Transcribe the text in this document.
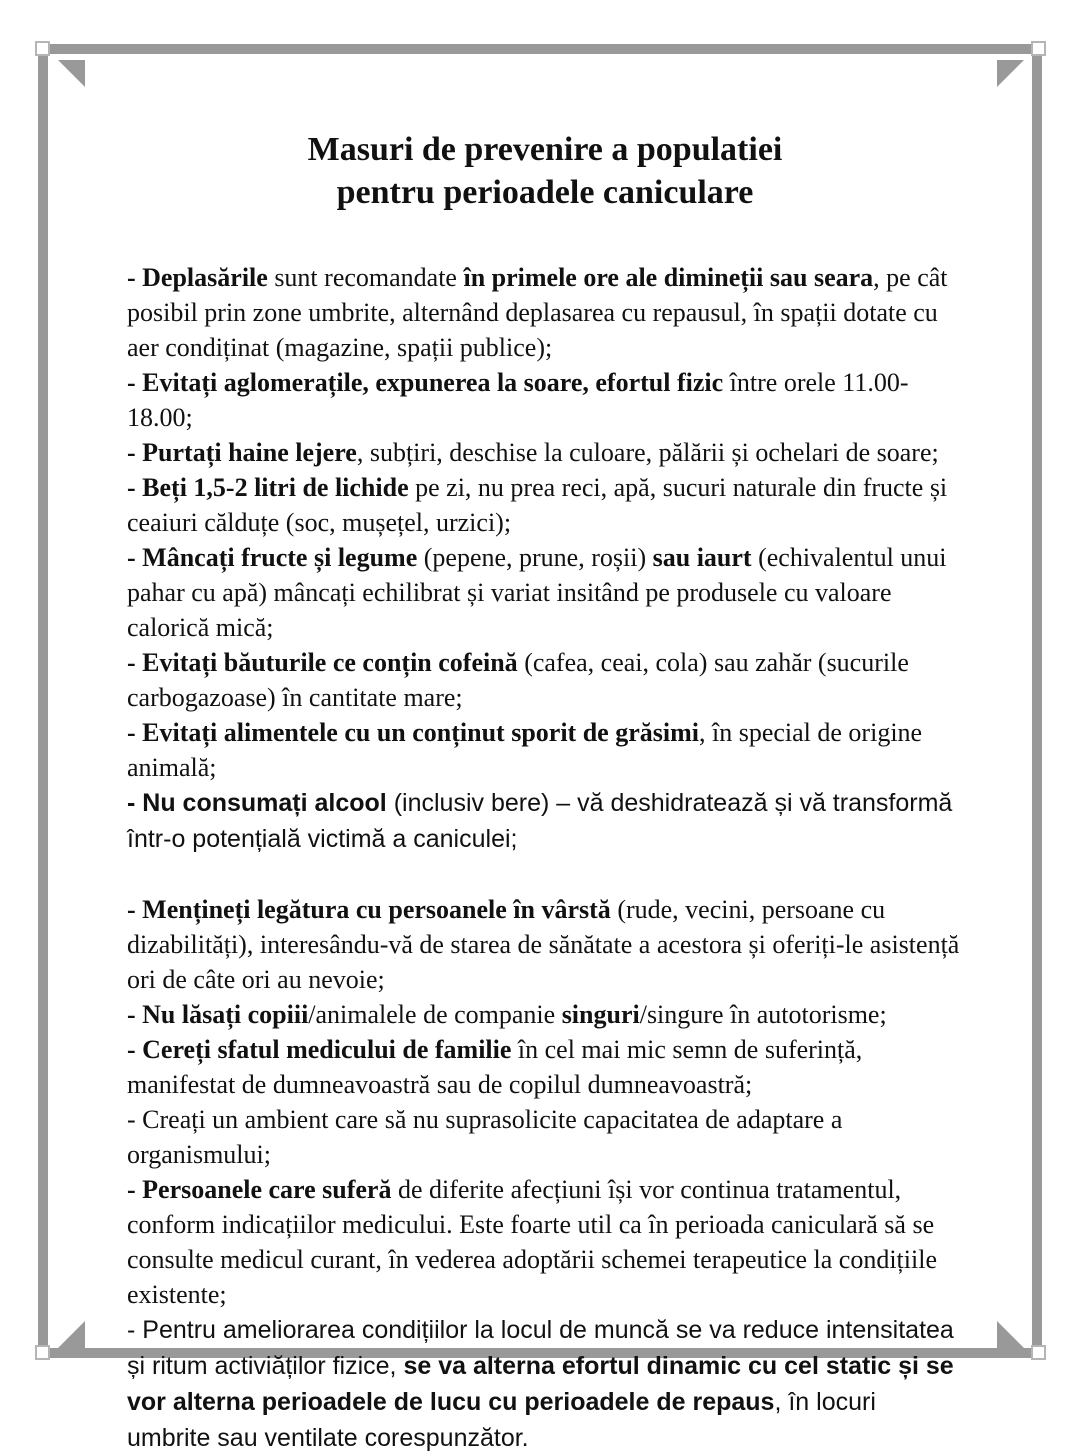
Masuri de prevenire a populatiei
pentru perioadele caniculare

- Deplasările sunt recomandate în primele ore ale dimineții sau seara, pe cât posibil prin zone umbrite, alternând deplasarea cu repausul, în spații dotate cu aer condiținat (magazine, spații publice);

- Evitați aglomerațile, expunerea la soare, efortul fizic între orele 11.00-18.00;

- Purtați haine lejere, subțiri, deschise la culoare, pălării și ochelari de soare;

- Beți 1,5-2 litri de lichide pe zi, nu prea reci, apă, sucuri naturale din fructe și ceaiuri călduțe (soc, mușețel, urzici);

- Mâncați fructe și legume (pepene, prune, roșii) sau iaurt (echivalentul unui pahar cu apă) mâncați echilibrat și variat insitând pe produsele cu valoare calorică mică;

- Evitați băuturile ce conțin cofeină (cafea, ceai, cola) sau zahăr (sucurile carbogazoase) în cantitate mare;

- Evitați alimentele cu un conținut sporit de grăsimi, în special de origine animală;

- Nu consumați alcool (inclusiv bere) – vă deshidratează și vă transformă într-o potențială victimă a caniculei;

- Mențineți legătura cu persoanele în vârstă (rude, vecini, persoane cu dizabilități), interesându-vă de starea de sănătate a acestora și oferiți-le asistență ori de câte ori au nevoie;

- Nu lăsați copiii/animalele de companie singuri/singure în autotorisme;

- Cereți sfatul medicului de familie în cel mai mic semn de suferință, manifestat de dumneavoastră sau de copilul dumneavoastră;

- Creați un ambient care să nu suprasolicite capacitatea de adaptare a organismului;

- Persoanele care suferă de diferite afecțiuni își vor continua tratamentul, conform indicațiilor medicului. Este foarte util ca în perioada caniculară să se consulte medicul curant, în vederea adoptării schemei terapeutice la condițiile existente;

- Pentru ameliorarea condițiilor la locul de muncă se va reduce intensitatea și ritum activiăților fizice, se va alterna efortul dinamic cu cel static și se vor alterna perioadele de lucu cu perioadele de repaus, în locuri umbrite sau ventilate corespunzător.
